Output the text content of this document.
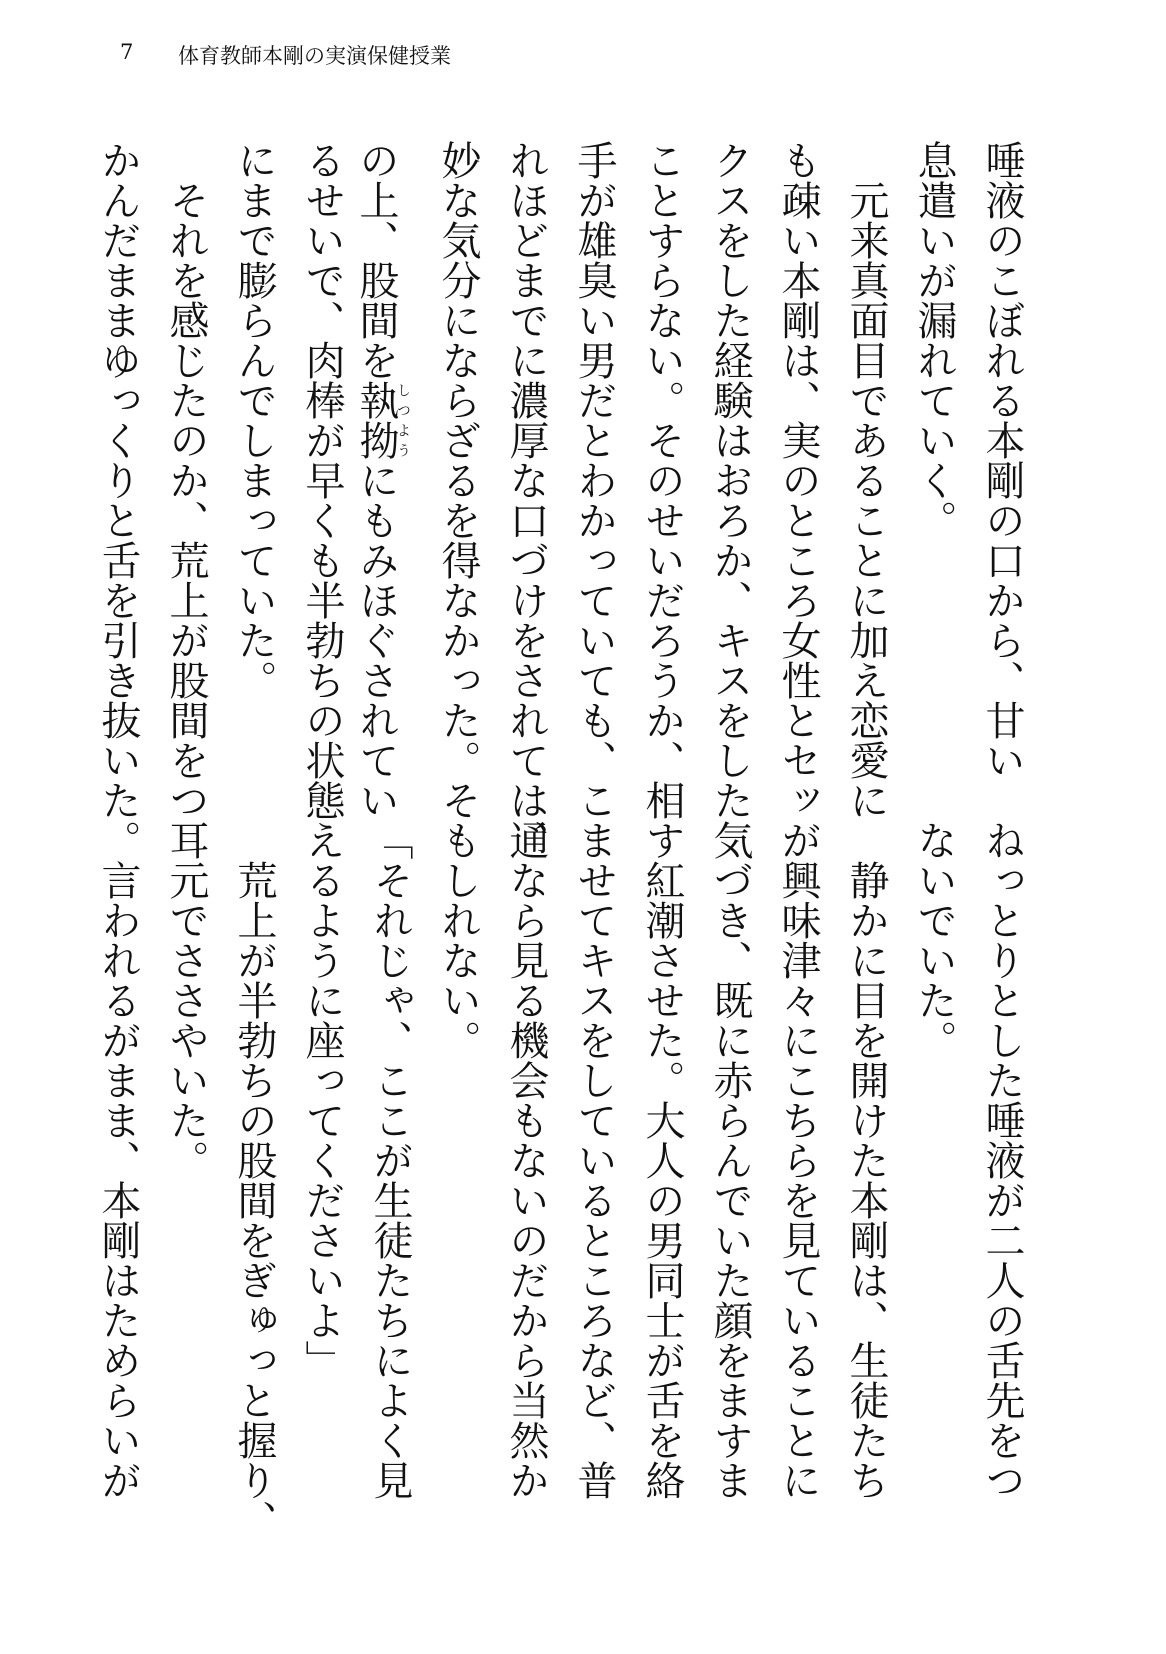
7 体育教師本剛の実演保健授業
唾液のこぼれる本剛の口から、甘い
息遣いが漏れていく。
元来真面目であることに加え恋愛に
も疎い本剛は、実のところ女性とセッ
クスをした経験はおろか、キスをした
ことすらない。そのせいだろうか、相
手が雄臭い男だとわかっていても、こ
れほどまでに濃厚な口づけをされては、
妙な気分にならざるを得なかった。そ
の上、股間を執拗しつようにもみほぐされてい
るせいで、肉棒が早くも半勃ちの状態
にまで膨らんでしまっていた。
それを感じたのか、荒上が股間をつ
かんだままゆっくりと舌を引き抜いた。
ねっとりとした唾液が二人の舌先をつ
ないでいた。
静かに目を開けた本剛は、生徒たち
が興味津々にこちらを見ていることに
気づき、既に赤らんでいた顔をますま
す紅潮させた。大人の男同士が舌を絡
ませてキスをしているところなど、普
通なら見る機会もないのだから当然か
もしれない。
「それじゃ、ここが生徒たちによく見
えるように座ってくださいよ」
荒上が半勃ちの股間をぎゅっと握り、
耳元でささやいた。
言われるがまま、本剛はためらいが
